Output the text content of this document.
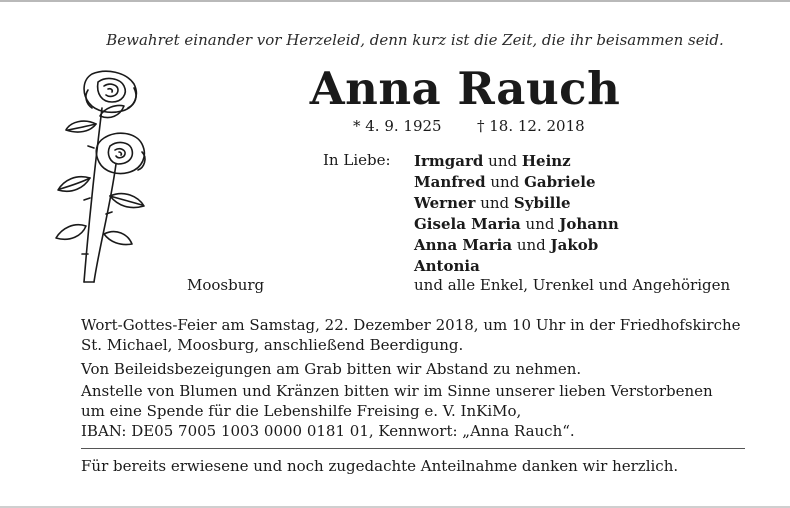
Bewahret einander vor Herzeleid, denn kurz ist die Zeit, die ihr beisammen seid.
Anna Rauch
* 4. 9. 1925 † 18. 12. 2018
In Liebe: Irmgard und Heinz
Manfred und Gabriele
Werner und Sybille
Gisela Maria und Johann
Anna Maria und Jakob
Antonia
Moosburg	und alle Enkel, Urenkel und Angehörigen
Wort-Gottes-Feier am Samstag, 22. Dezember 2018, um 10 Uhr in der Friedhofskirche
St. Michael, Moosburg, anschließend Beerdigung.
Von Beileidsbezeigungen am Grab bitten wir Abstand zu nehmen.
Anstelle von Blumen und Kränzen bitten wir im Sinne unserer lieben Verstorbenen
um eine Spende für die Lebenshilfe Freising e. V. InKiMo,
IBAN: DE05 7005 1003 0000 0181 01, Kennwort: „Anna Rauch“.
Für bereits erwiesene und noch zugedachte Anteilnahme danken wir herzlich.
